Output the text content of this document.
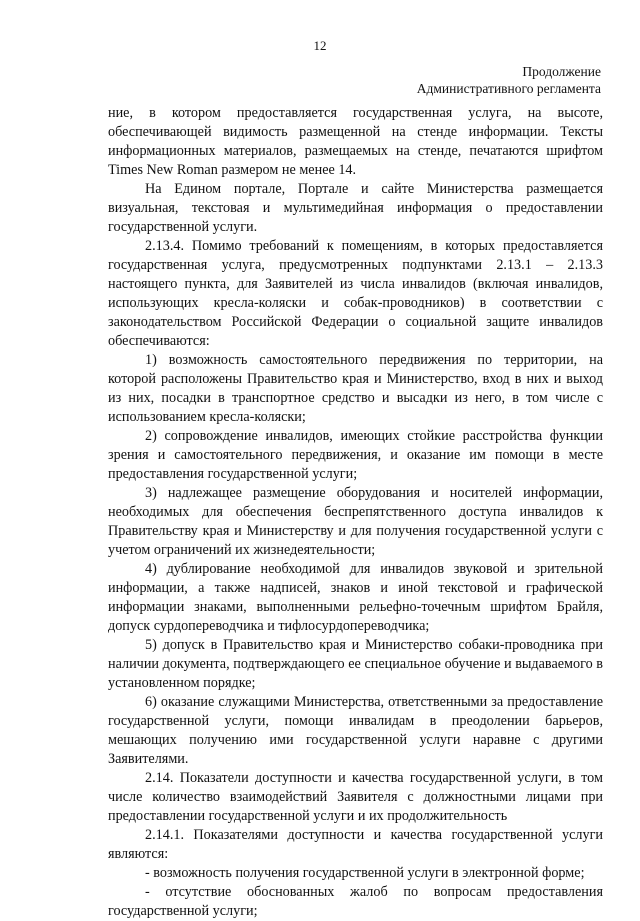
12
Продолжение
Административного регламента

ние, в котором предоставляется государственная услуга, на высоте, обеспечивающей видимость размещенной на стенде информации. Тексты информационных материалов, размещаемых на стенде, печатаются шрифтом Times New Roman размером не менее 14.

На Едином портале, Портале и сайте Министерства размещается визуальная, текстовая и мультимедийная информация о предоставлении государственной услуги.

2.13.4. Помимо требований к помещениям, в которых предоставляется государственная услуга, предусмотренных подпунктами 2.13.1 – 2.13.3 настоящего пункта, для Заявителей из числа инвалидов (включая инвалидов, использующих кресла-коляски и собак-проводников) в соответствии с законодательством Российской Федерации о социальной защите инвалидов обеспечиваются:

1) возможность самостоятельного передвижения по территории, на которой расположены Правительство края и Министерство, вход в них и выход из них, посадки в транспортное средство и высадки из него, в том числе с использованием кресла-коляски;

2) сопровождение инвалидов, имеющих стойкие расстройства функции зрения и самостоятельного передвижения, и оказание им помощи в месте предоставления государственной услуги;

3) надлежащее размещение оборудования и носителей информации, необходимых для обеспечения беспрепятственного доступа инвалидов к Правительству края и Министерству и для получения государственной услуги с учетом ограничений их жизнедеятельности;

4) дублирование необходимой для инвалидов звуковой и зрительной информации, а также надписей, знаков и иной текстовой и графической информации знаками, выполненными рельефно-точечным шрифтом Брайля, допуск сурдопереводчика и тифлосурдопереводчика;

5) допуск в Правительство края и Министерство собаки-проводника при наличии документа, подтверждающего ее специальное обучение и выдаваемого в установленном порядке;

6) оказание служащими Министерства, ответственными за предоставление государственной услуги, помощи инвалидам в преодолении барьеров, мешающих получению ими государственной услуги наравне с другими Заявителями.

2.14. Показатели доступности и качества государственной услуги, в том числе количество взаимодействий Заявителя с должностными лицами при предоставлении государственной услуги и их продолжительность

2.14.1. Показателями доступности и качества государственной услуги являются:

- возможность получения государственной услуги в электронной форме;

- отсутствие обоснованных жалоб по вопросам предоставления государственной услуги;
